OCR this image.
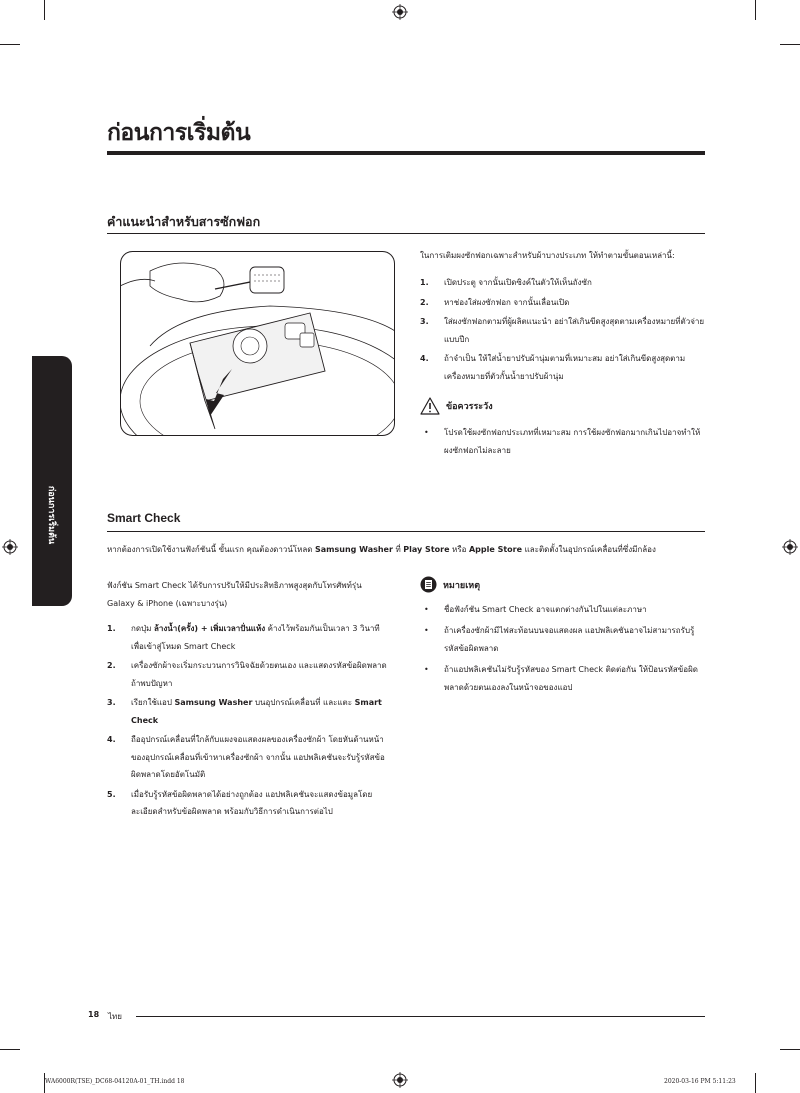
ก่อนการเริ่มต้น
ก่อนการเริ่มต้น
คำแนะนำสำหรับสารซักฟอก
ในการเติมผงซักฟอกเฉพาะสำหรับผ้าบางประเภท ให้ทำตามขั้นตอนเหล่านี้:
1. เปิดประตู จากนั้นเปิดซิงค์ในตัวให้เห็นถังซัก
2. หาช่องใส่ผงซักฟอก จากนั้นเลื่อนเปิด
3. ใส่ผงซักฟอกตามที่ผู้ผลิตแนะนำ อย่าใส่เกินขีดสูงสุดตามเครื่องหมายที่ตัวจ่ายแบบปีก
4. ถ้าจำเป็น ให้ใส่น้ำยาปรับผ้านุ่มตามที่เหมาะสม อย่าใส่เกินขีดสูงสุดตามเครื่องหมายที่ตัวกั้นน้ำยาปรับผ้านุ่ม
ข้อควรระวัง
• โปรดใช้ผงซักฟอกประเภทที่เหมาะสม การใช้ผงซักฟอกมากเกินไปอาจทำให้ผงซักฟอกไม่ละลาย
Smart Check
หากต้องการเปิดใช้งานฟังก์ชันนี้ ขั้นแรก คุณต้องดาวน์โหลด Samsung Washer ที่ Play Store หรือ Apple Store และติดตั้งในอุปกรณ์เคลื่อนที่ซึ่งมีกล้อง
ฟังก์ชัน Smart Check ได้รับการปรับให้มีประสิทธิภาพสูงสุดกับโทรศัพท์รุ่น Galaxy & iPhone (เฉพาะบางรุ่น)
1. กดปุ่ม ล้างน้ำ(ครั้ง) + เพิ่มเวลาปั่นแห้ง ค้างไว้พร้อมกันเป็นเวลา 3 วินาทีเพื่อเข้าสู่โหมด Smart Check
2. เครื่องซักผ้าจะเริ่มกระบวนการวินิจฉัยด้วยตนเอง และแสดงรหัสข้อผิดพลาดถ้าพบปัญหา
3. เรียกใช้แอป Samsung Washer บนอุปกรณ์เคลื่อนที่ และแตะ Smart Check
4. ถืออุปกรณ์เคลื่อนที่ใกล้กับแผงจอแสดงผลของเครื่องซักผ้า โดยหันด้านหน้าของอุปกรณ์เคลื่อนที่เข้าหาเครื่องซักผ้า จากนั้น แอปพลิเคชันจะรับรู้รหัสข้อผิดพลาดโดยอัตโนมัติ
5. เมื่อรับรู้รหัสข้อผิดพลาดได้อย่างถูกต้อง แอปพลิเคชันจะแสดงข้อมูลโดยละเอียดสำหรับข้อผิดพลาด พร้อมกับวิธีการดำเนินการต่อไป
หมายเหตุ
• ชื่อฟังก์ชัน Smart Check อาจแตกต่างกันไปในแต่ละภาษา
• ถ้าเครื่องซักผ้ามีไฟสะท้อนบนจอแสดงผล แอปพลิเคชันอาจไม่สามารถรับรู้รหัสข้อผิดพลาด
• ถ้าแอปพลิเคชันไม่รับรู้รหัสของ Smart Check ติดต่อกัน ให้ป้อนรหัสข้อผิดพลาดด้วยตนเองลงในหน้าจอของแอป
18 ไทย
WA6000R(TSE)_DC68-04120A-01_TH.indd 18	2020-03-16 PM 5:11:23
